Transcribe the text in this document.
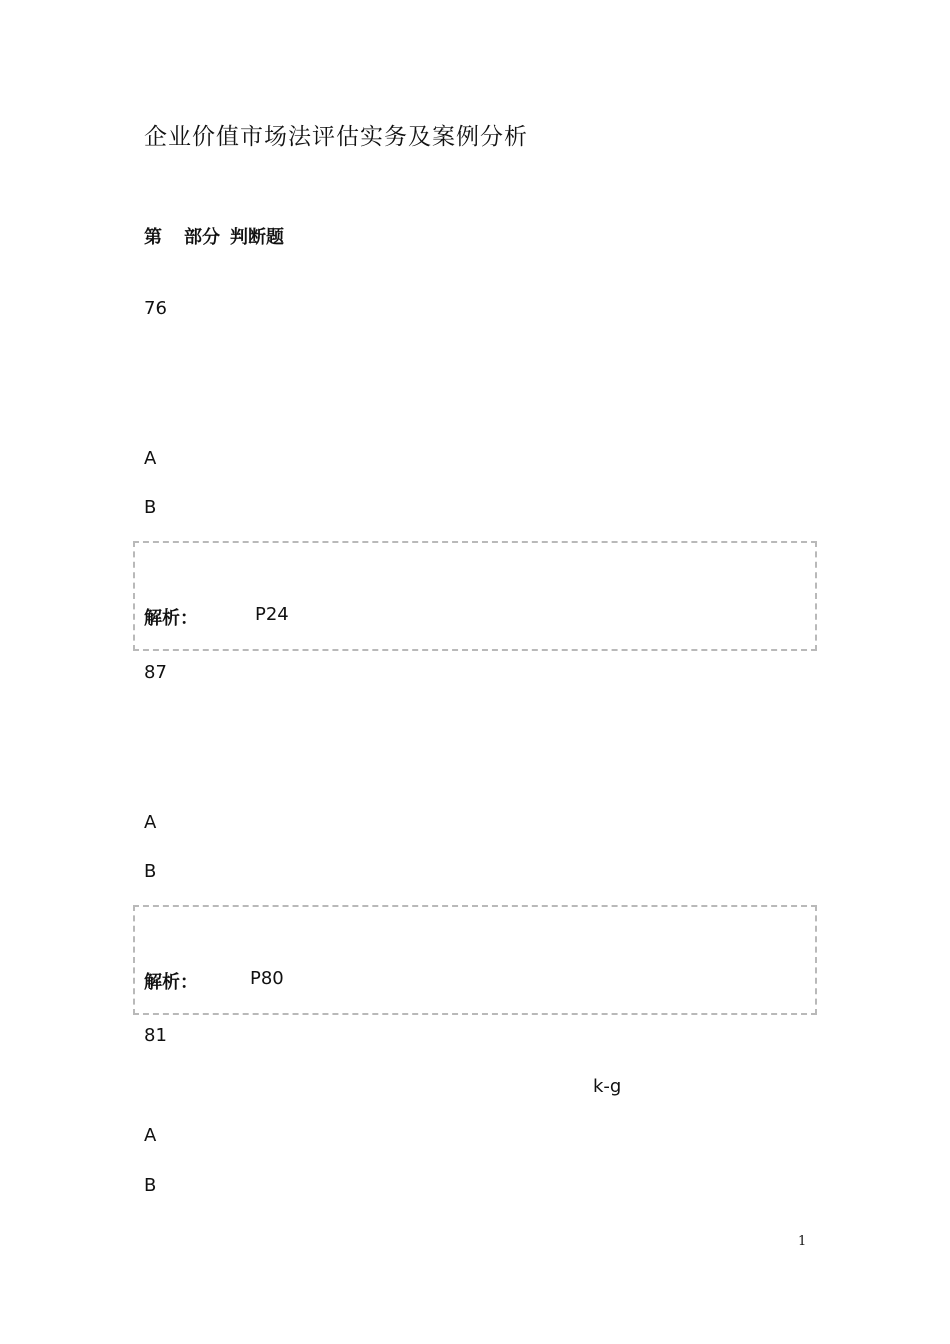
企业价值市场法评估实务及案例分析
第 部分 判断题
76
A
B
解析：	P24
87
A
B
解析：	P80
81
k-g
A
B
1
